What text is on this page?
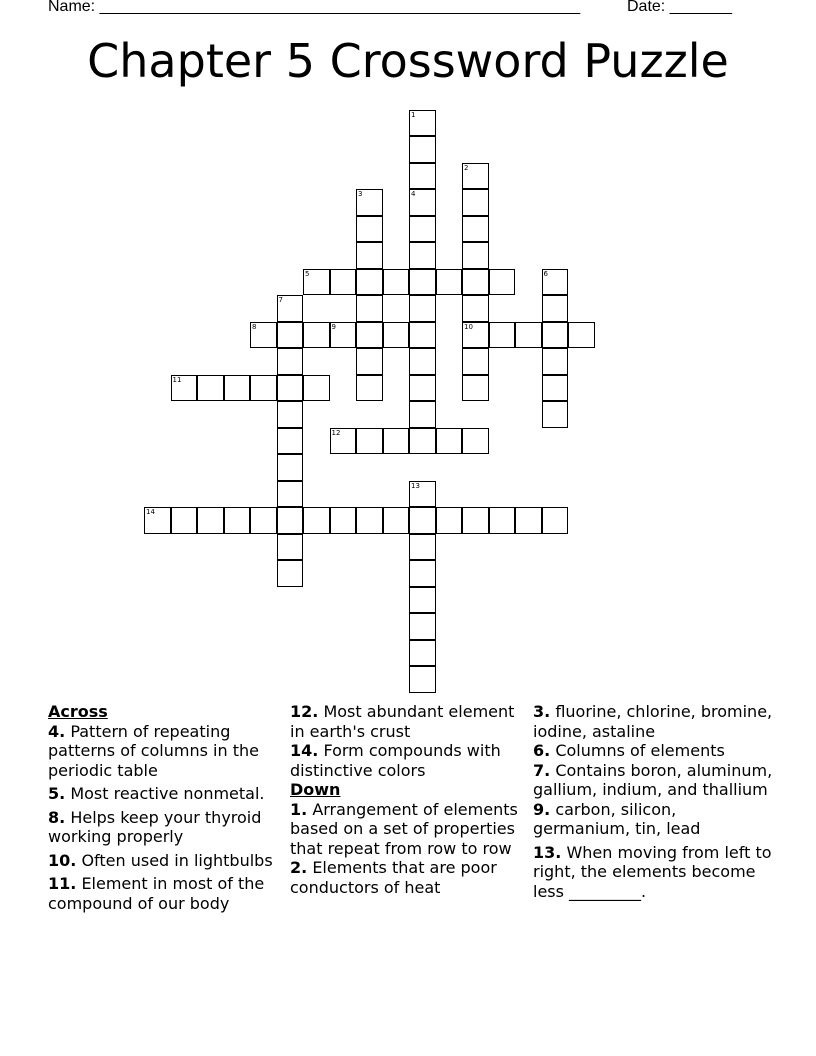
Name: ______________________________________________________	Date: _______
Chapter 5 Crossword Puzzle
1
4
2
10
3
5	6
7
8	9
11
12
13
14
Across
4. Pattern of repeating patterns of columns in the periodic table
5. Most reactive nonmetal.
8. Helps keep your thyroid working properly
10. Often used in lightbulbs
11. Element in most of the compound of our body
12. Most abundant element in earth's crust
14. Form compounds with distinctive colors
Down
1. Arrangement of elements based on a set of properties that repeat from row to row
2. Elements that are poor conductors of heat
3. fluorine, chlorine, bromine, iodine, astaline
6. Columns of elements
7. Contains boron, aluminum, gallium, indium, and thallium
9. carbon, silicon, germanium, tin, lead
13. When moving from left to right, the elements become less _________.
